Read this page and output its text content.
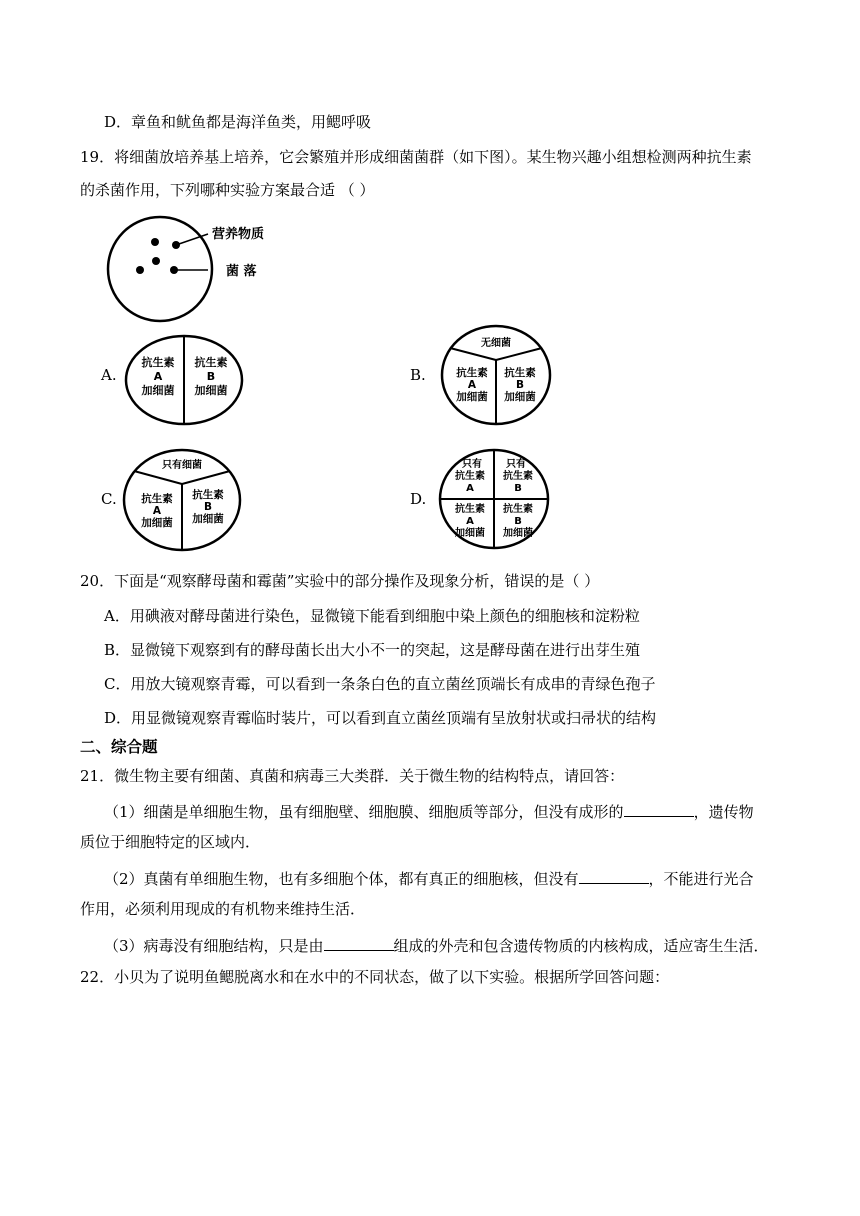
D．章鱼和鱿鱼都是海洋鱼类，用鳃呼吸
19．将细菌放培养基上培养，它会繁殖并形成细菌菌群（如下图）。某生物兴趣小组想检测两种抗生素
的杀菌作用，下列哪种实验方案最合适 （ ）
营养物质
菌 落
A.
抗生素
A
加细菌
抗生素
B
加细菌
B.
无细菌
抗生素
A
加细菌
抗生素
B
加细菌
C.
只有细菌
抗生素
A
加细菌
抗生素
B
加细菌
D.
只有
抗生素
A
只有
抗生素
B
抗生素
A
加细菌
抗生素
B
加细菌
20．下面是“观察酵母菌和霉菌”实验中的部分操作及现象分析，错误的是（ ）
A．用碘液对酵母菌进行染色，显微镜下能看到细胞中染上颜色的细胞核和淀粉粒
B．显微镜下观察到有的酵母菌长出大小不一的突起，这是酵母菌在进行出芽生殖
C．用放大镜观察青霉，可以看到一条条白色的直立菌丝顶端长有成串的青绿色孢子
D．用显微镜观察青霉临时装片，可以看到直立菌丝顶端有呈放射状或扫帚状的结构
二、综合题
21．微生物主要有细菌、真菌和病毒三大类群．关于微生物的结构特点，请回答：
（1）细菌是单细胞生物，虽有细胞壁、细胞膜、细胞质等部分，但没有成形的	，遗传物
质位于细胞特定的区域内．
（2）真菌有单细胞生物，也有多细胞个体，都有真正的细胞核，但没有	，不能进行光合
作用，必须利用现成的有机物来维持生活．
（3）病毒没有细胞结构，只是由	组成的外壳和包含遗传物质的内核构成，适应寄生生活．
22．小贝为了说明鱼鳃脱离水和在水中的不同状态，做了以下实验。根据所学回答问题：
